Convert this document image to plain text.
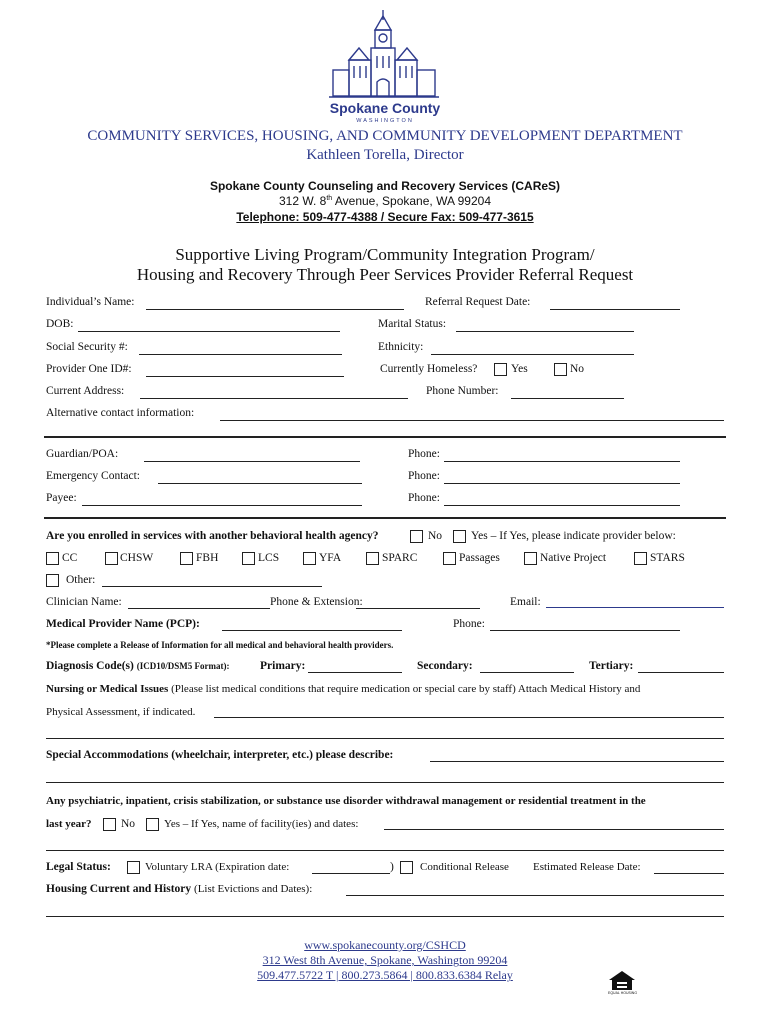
Spokane County
WASHINGTON
COMMUNITY SERVICES, HOUSING, AND COMMUNITY DEVELOPMENT DEPARTMENT
Kathleen Torella, Director
Spokane County Counseling and Recovery Services (CAReS)
312 W. 8th Avenue, Spokane, WA 99204
Telephone: 509-477-4388 / Secure Fax: 509-477-3615
Supportive Living Program/Community Integration Program/
Housing and Recovery Through Peer Services Provider Referral Request
Individual’s Name:	Referral Request Date:
DOB:	Marital Status:
Social Security #:	Ethnicity:
Provider One ID#:	Currently Homeless?	Yes	No
Current Address:	Phone Number:
Alternative contact information:
Guardian/POA:	Phone:
Emergency Contact:	Phone:
Payee:	Phone:
Are you enrolled in services with another behavioral health agency?	No	Yes – If Yes, please indicate provider below:
CC	CHSW	FBH	LCS	YFA	SPARC	Passages	Native Project	STARS
Other:
Clinician Name:	Phone & Extension:	Email:
Medical Provider Name (PCP):	Phone:
*Please complete a Release of Information for all medical and behavioral health providers.
Diagnosis Code(s) (ICD10/DSM5 Format):	Primary:	Secondary:	Tertiary:
Nursing or Medical Issues (Please list medical conditions that require medication or special care by staff) Attach Medical History and
Physical Assessment, if indicated.
Special Accommodations (wheelchair, interpreter, etc.) please describe:
Any psychiatric, inpatient, crisis stabilization, or substance use disorder withdrawal management or residential treatment in the
last year?	No	Yes – If Yes, name of facility(ies) and dates:
Legal Status:	Voluntary LRA (Expiration date:	) Conditional Release Estimated Release Date:
Housing Current and History (List Evictions and Dates):
www.spokanecounty.org/CSHCD
312 West 8th Avenue, Spokane, Washington 99204
509.477.5722 T | 800.273.5864 | 800.833.6384 Relay
EQUAL HOUSING
